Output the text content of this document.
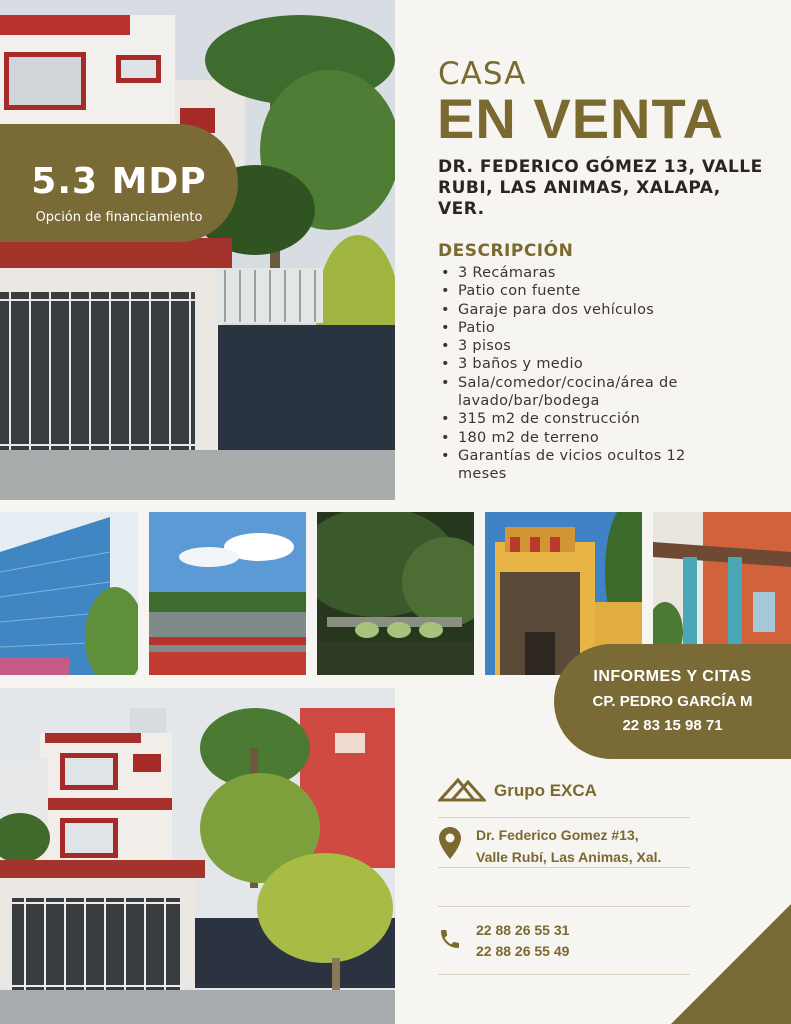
5.3 MDP
Opción de financiamiento
CASA
EN VENTA
DR. FEDERICO GÓMEZ 13, VALLE RUBI, LAS ANIMAS, XALAPA, VER.
DESCRIPCIÓN
• 3 Recámaras
• Patio con fuente
• Garaje para dos vehículos
• Patio
• 3 pisos
• 3 baños y medio
• Sala/comedor/cocina/área de lavado/bar/bodega
• 315 m2 de construcción
• 180 m2 de terreno
• Garantías de vicios ocultos 12 meses
INFORMES Y CITAS
CP. PEDRO GARCÍA M
22 83 15 98 71
Grupo EXCA
Dr. Federico Gomez #13,
Valle Rubí, Las Animas, Xal.
22 88 26 55 31
22 88 26 55 49
